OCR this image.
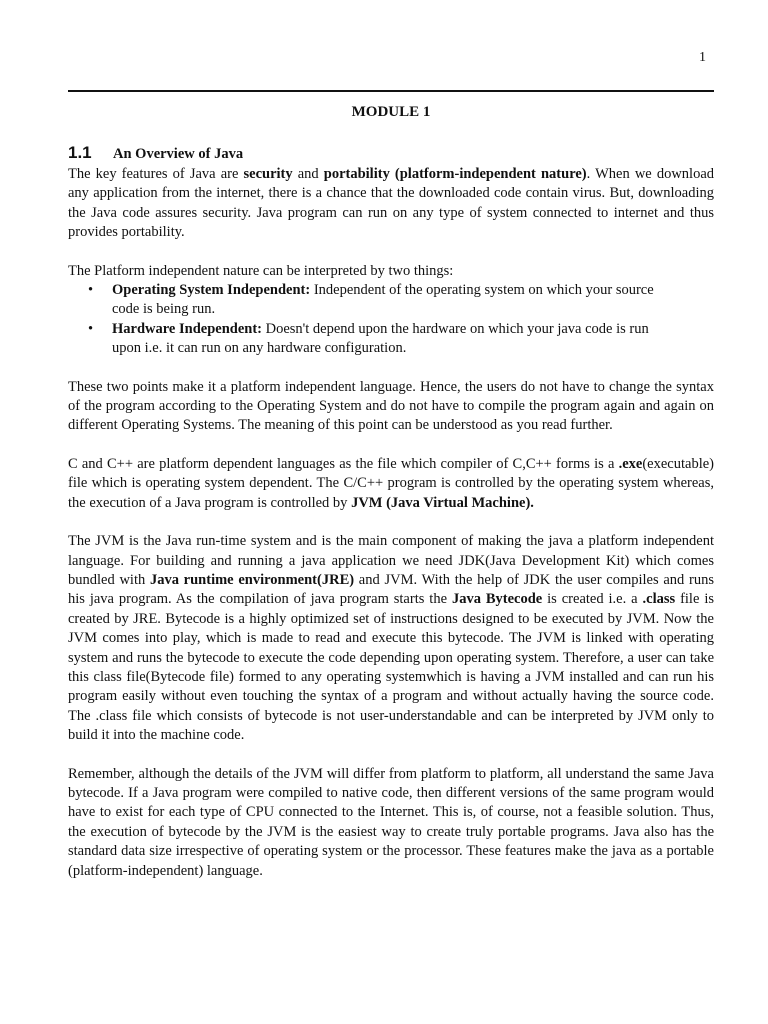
1
MODULE 1
1.1	An Overview of Java

The key features of Java are security and portability (platform-independent nature). When we download any application from the internet, there is a chance that the downloaded code contain virus. But, downloading the Java code assures security. Java program can run on any type of system connected to internet and thus provides portability.

The Platform independent nature can be interpreted by two things:

• Operating System Independent: Independent of the operating system on which your source code is being run.
• Hardware Independent: Doesn't depend upon the hardware on which your java code is run upon i.e. it can run on any hardware configuration.

These two points make it a platform independent language. Hence, the users do not have to change the syntax of the program according to the Operating System and do not have to compile the program again and again on different Operating Systems. The meaning of this point can be understood as you read further.

C and C++ are platform dependent languages as the file which compiler of C,C++ forms is a .exe(executable) file which is operating system dependent. The C/C++ program is controlled by the operating system whereas, the execution of a Java program is controlled by JVM (Java Virtual Machine).

The JVM is the Java run-time system and is the main component of making the java a platform independent language. For building and running a java application we need JDK(Java Development Kit) which comes bundled with Java runtime environment(JRE) and JVM. With the help of JDK the user compiles and runs his java program. As the compilation of java program starts the Java Bytecode is created i.e. a .class file is created by JRE. Bytecode is a highly optimized set of instructions designed to be executed by JVM. Now the JVM comes into play, which is made to read and execute this bytecode. The JVM is linked with operating system and runs the bytecode to execute the code depending upon operating system. Therefore, a user can take this class file(Bytecode file) formed to any operating systemwhich is having a JVM installed and can run his program easily without even touching the syntax of a program and without actually having the source code. The .class file which consists of bytecode is not user-understandable and can be interpreted by JVM only to build it into the machine code.

Remember, although the details of the JVM will differ from platform to platform, all understand the same Java bytecode. If a Java program were compiled to native code, then different versions of the same program would have to exist for each type of CPU connected to the Internet. This is, of course, not a feasible solution. Thus, the execution of bytecode by the JVM is the easiest way to create truly portable programs. Java also has the standard data size irrespective of operating system or the processor. These features make the java as a portable (platform-independent) language.
